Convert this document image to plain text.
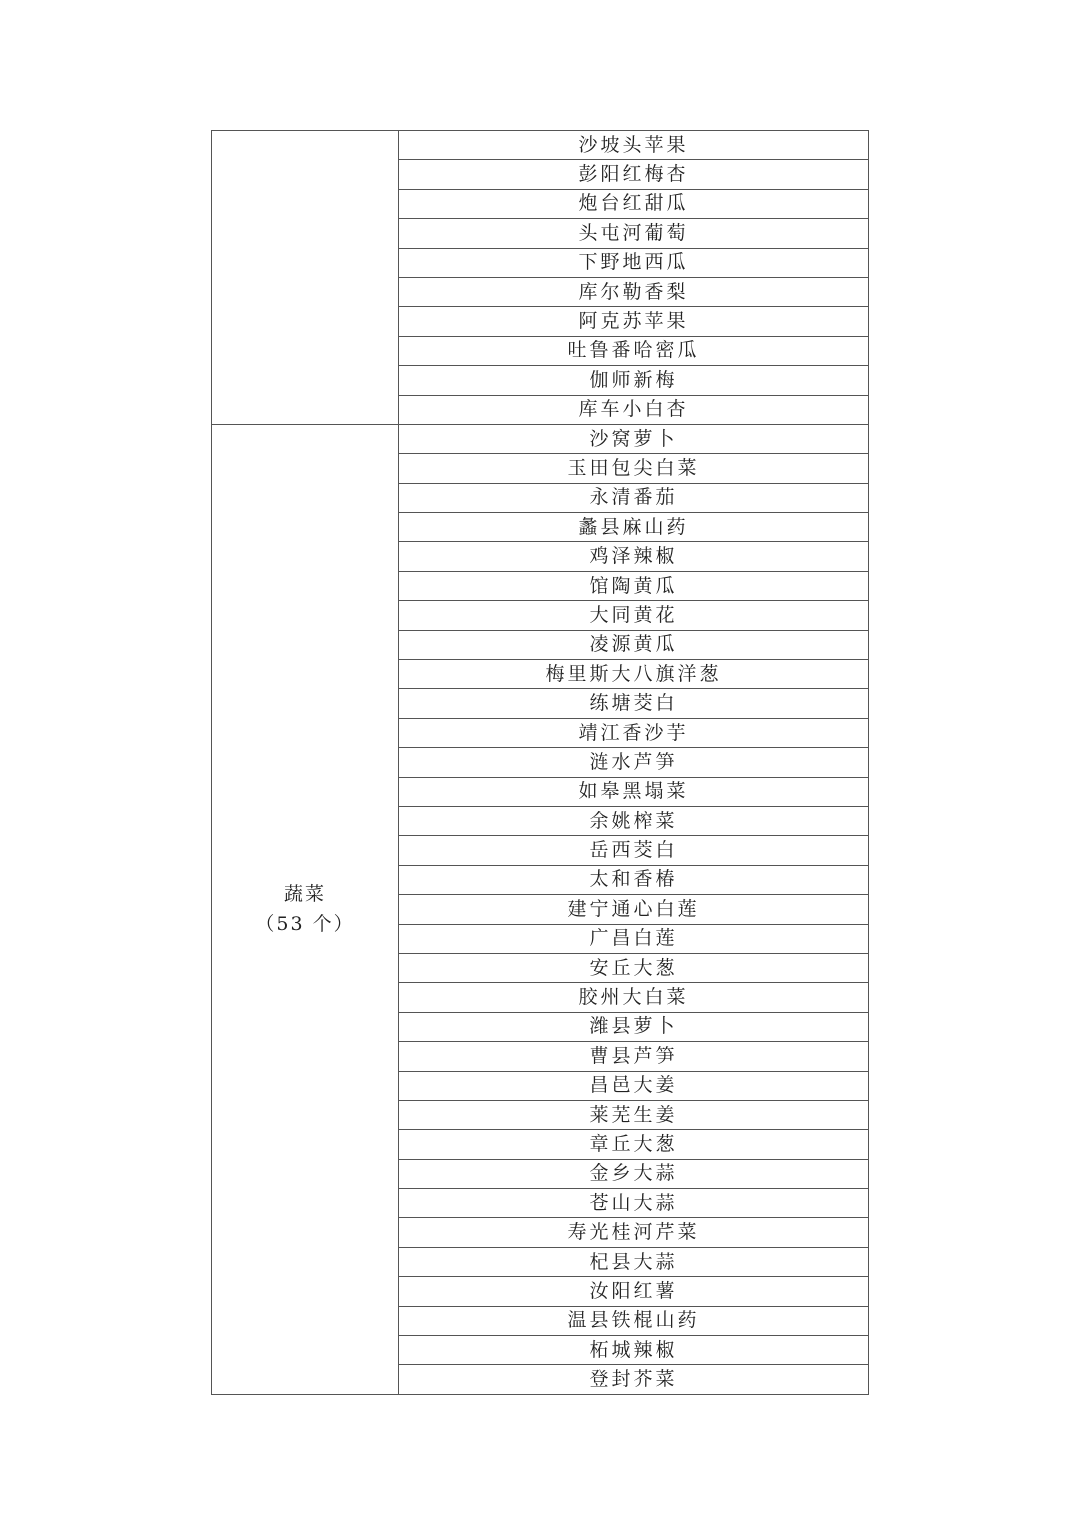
	沙坡头苹果
	彭阳红梅杏
	炮台红甜瓜
	头屯河葡萄
	下野地西瓜
	库尔勒香梨
	阿克苏苹果
	吐鲁番哈密瓜
	伽师新梅
	库车小白杏

蔬菜
（53 个）	沙窝萝卜
	玉田包尖白菜
	永清番茄
	蠡县麻山药
	鸡泽辣椒
	馆陶黄瓜
	大同黄花
	凌源黄瓜
	梅里斯大八旗洋葱
	练塘茭白
	靖江香沙芋
	涟水芦笋
	如皋黑塌菜
	余姚榨菜
	岳西茭白
	太和香椿
	建宁通心白莲
	广昌白莲
	安丘大葱
	胶州大白菜
	潍县萝卜
	曹县芦笋
	昌邑大姜
	莱芜生姜
	章丘大葱
	金乡大蒜
	苍山大蒜
	寿光桂河芹菜
	杞县大蒜
	汝阳红薯
	温县铁棍山药
	柘城辣椒
	登封芥菜
